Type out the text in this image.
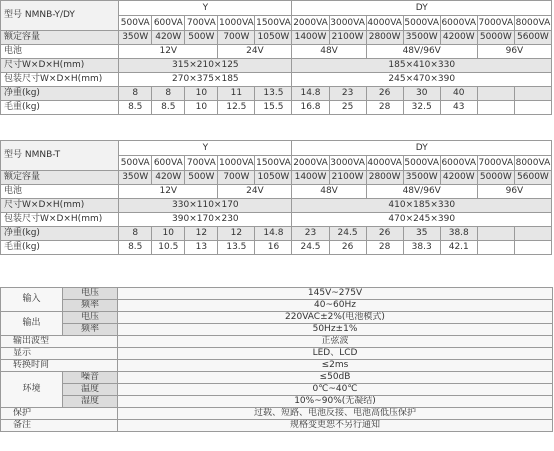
型号 NMNB-Y/DY	Y					DY						
	500VA	600VA	700VA	1000VA	1500VA	2000VA	3000VA	4000VA	5000VA	6000VA	7000VA	8000VA
额定容量	350W	420W	500W	700W	1050W	1400W	2100W	2800W	3500W	4200W	5000W	5600W
电池	12V			24V		48V		48V/96V			96V	
尺寸W×D×H(mm)	315×210×125					185×410×330						
包装尺寸W×D×H(mm)	270×375×185					245×470×390						
净重(kg)	8	8	10	11	13.5	14.8	23	26	30	40		
毛重(kg)	8.5	8.5	10	12.5	15.5	16.8	25	28	32.5	43		
型号 NMNB-T	Y					DY						
	500VA	600VA	700VA	1000VA	1500VA	2000VA	3000VA	4000VA	5000VA	6000VA	7000VA	8000VA
额定容量	350W	420W	500W	700W	1050W	1400W	2100W	2800W	3500W	4200W	5000W	5600W
电池	12V			24V		48V		48V/96V			96V	
尺寸W×D×H(mm)	330×110×170					410×185×330						
包装尺寸W×D×H(mm)	390×170×230					470×245×390						
净重(kg)	8	10	12	12	14.8	23	24.5	26	35	38.8		
毛重(kg)	8.5	10.5	13	13.5	16	24.5	26	28	38.3	42.1		
输入	电压	145V~275V
	频率	40~60Hz
输出	电压	220VAC±2%(电池模式)
	频率	50Hz±1%
输出波型		正弦波
显示		LED、LCD
转换时间		≤2ms
环境	噪音	≤50dB
	温度	0℃~40℃
	湿度	10%~90%(无凝结)
保护		过载、短路、电池反接、电池高低压保护
备注		规格变更恕不另行通知
